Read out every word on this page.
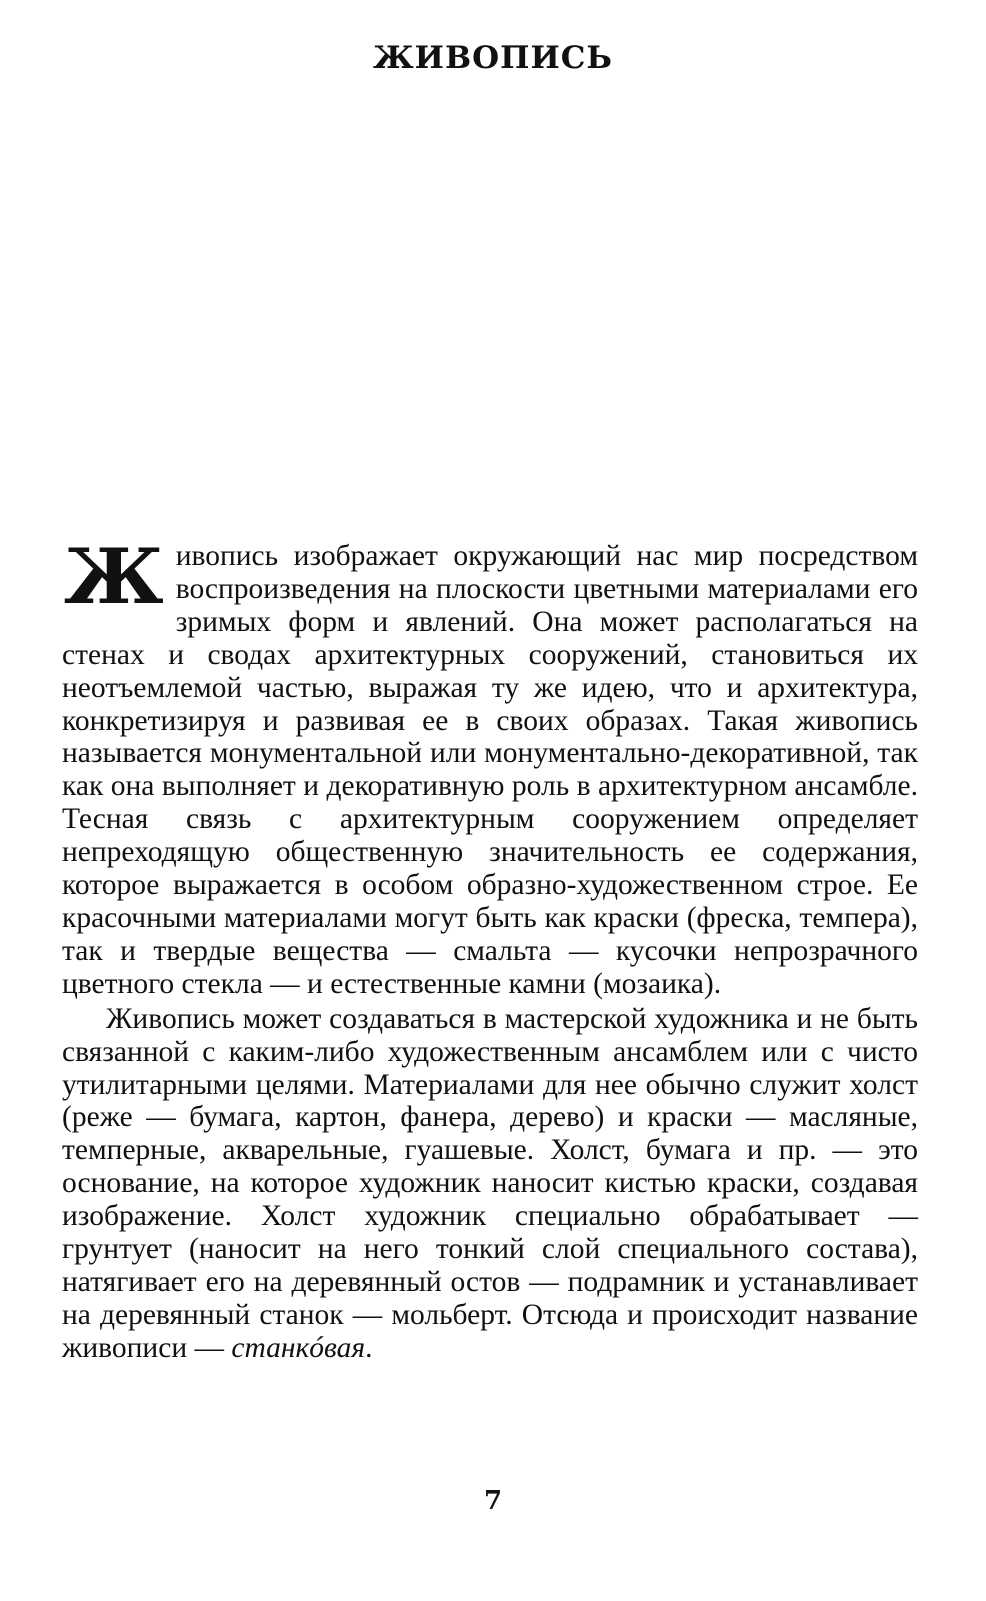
ЖИВОПИСЬ

Живопись изображает окружающий нас мир посредством воспроизведения на плоскости цветными материалами его зримых форм и явлений. Она может располагаться на стенах и сводах архитектурных сооружений, становиться их неотъемлемой частью, выражая ту же идею, что и архитектура, конкретизируя и развивая ее в своих образах. Такая живопись называется монументальной или монументально-декоративной, так как она выполняет и декоративную роль в архитектурном ансамбле. Тесная связь с архитектурным сооружением определяет непреходящую общественную значительность ее содержания, которое выражается в особом образно-художественном строе. Ее красочными материалами могут быть как краски (фреска, темпера), так и твердые вещества — смальта — кусочки непрозрачного цветного стекла — и естественные камни (мозаика).

Живопись может создаваться в мастерской художника и не быть связанной с каким-либо художественным ансамблем или с чисто утилитарными целями. Материалами для нее обычно служит холст (реже — бумага, картон, фанера, дерево) и краски — масляные, темперные, акварельные, гуашевые. Холст, бумага и пр. — это основание, на которое художник наносит кистью краски, создавая изображение. Холст художник специально обрабатывает — грунтует (наносит на него тонкий слой специального состава), натягивает его на деревянный остов — подрамник и устанавливает на деревянный станок — мольберт. Отсюда и происходит название живописи — станкóвая.

7
